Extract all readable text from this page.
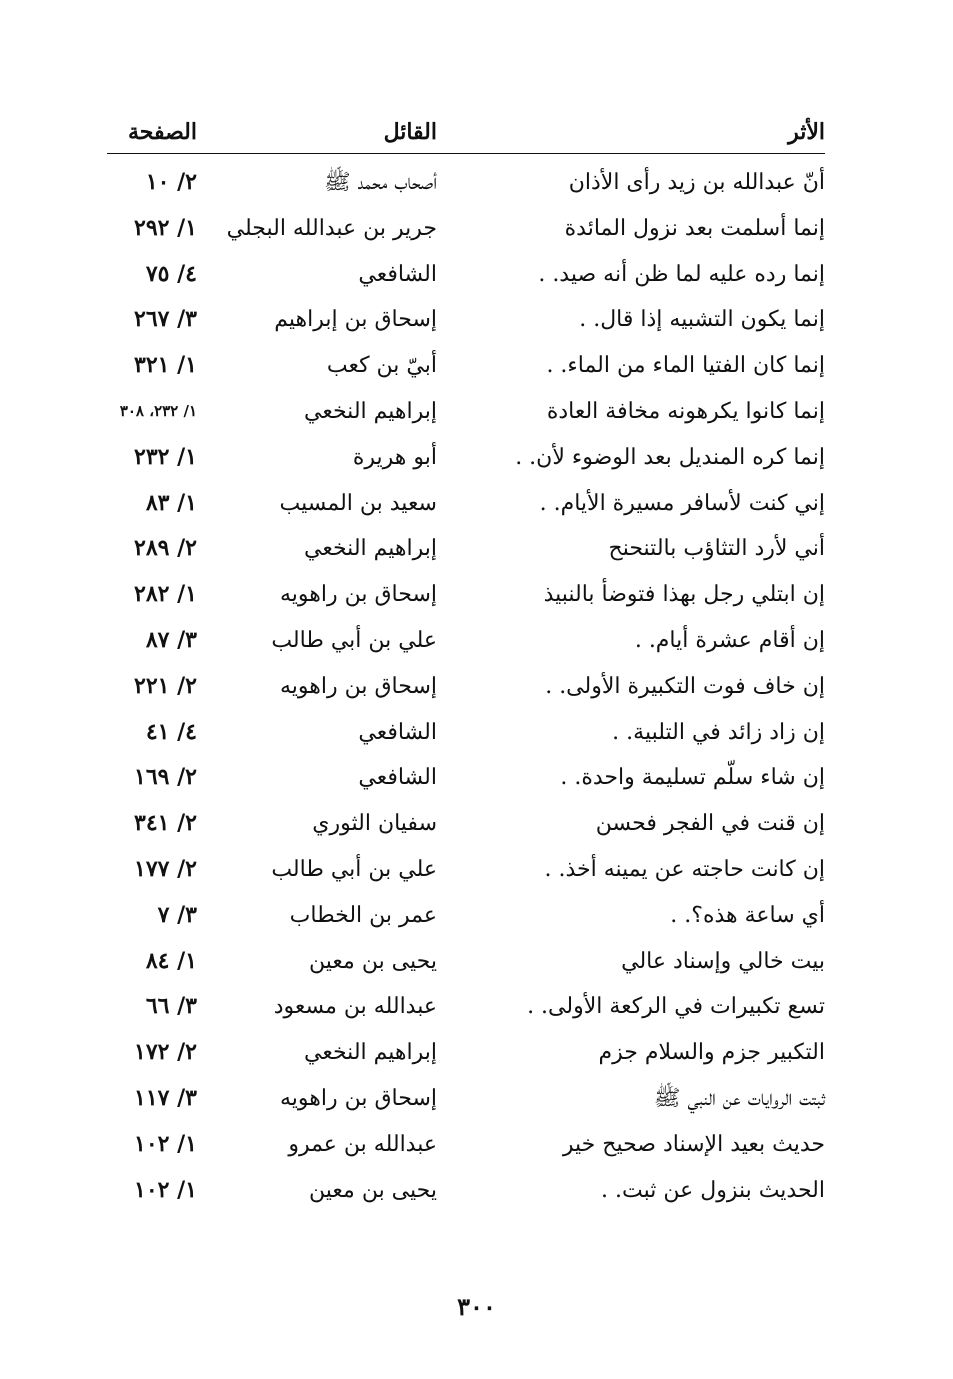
الأثر
القائل
الصفحة
أنّ عبدالله بن زيد رأى الأذان
أصحاب محمد ﷺ
٢/ ١٠
إنما أسلمت بعد نزول المائدة
جرير بن عبدالله البجلي
١/ ٢٩٢
إنما رده عليه لما ظن أنه صيد. .
الشافعي
٤/ ٧٥
إنما يكون التشبيه إذا قال. .
إسحاق بن إبراهيم
٣/ ٢٦٧
إنما كان الفتيا الماء من الماء. .
أبيّ بن كعب
١/ ٣٢١
إنما كانوا يكرهونه مخافة العادة
إبراهيم النخعي
١/ ٢٣٢، ٣٠٨
إنما كره المنديل بعد الوضوء لأن. .
أبو هريرة
١/ ٢٣٢
إني كنت لأسافر مسيرة الأيام. .
سعيد بن المسيب
١/ ٨٣
أني لأرد التثاؤب بالتنحنح
إبراهيم النخعي
٢/ ٢٨٩
إن ابتلي رجل بهذا فتوضأ بالنبيذ
إسحاق بن راهويه
١/ ٢٨٢
إن أقام عشرة أيام. .
علي بن أبي طالب
٣/ ٨٧
إن خاف فوت التكبيرة الأولى. .
إسحاق بن راهويه
٢/ ٢٢١
إن زاد زائد في التلبية. .
الشافعي
٤/ ٤١
إن شاء سلّم تسليمة واحدة. .
الشافعي
٢/ ١٦٩
إن قنت في الفجر فحسن
سفيان الثوري
٢/ ٣٤١
إن كانت حاجته عن يمينه أخذ. .
علي بن أبي طالب
٢/ ١٧٧
أي ساعة هذه؟. .
عمر بن الخطاب
٣/ ٧
بيت خالي وإسناد عالي
يحيى بن معين
١/ ٨٤
تسع تكبيرات في الركعة الأولى. .
عبدالله بن مسعود
٣/ ٦٦
التكبير جزم والسلام جزم
إبراهيم النخعي
٢/ ١٧٢
ثبتت الروايات عن النبي ﷺ
إسحاق بن راهويه
٣/ ١١٧
حديث بعيد الإسناد صحيح خير
عبدالله بن عمرو
١/ ١٠٢
الحديث بنزول عن ثبت. .
يحيى بن معين
١/ ١٠٢
٣٠٠
